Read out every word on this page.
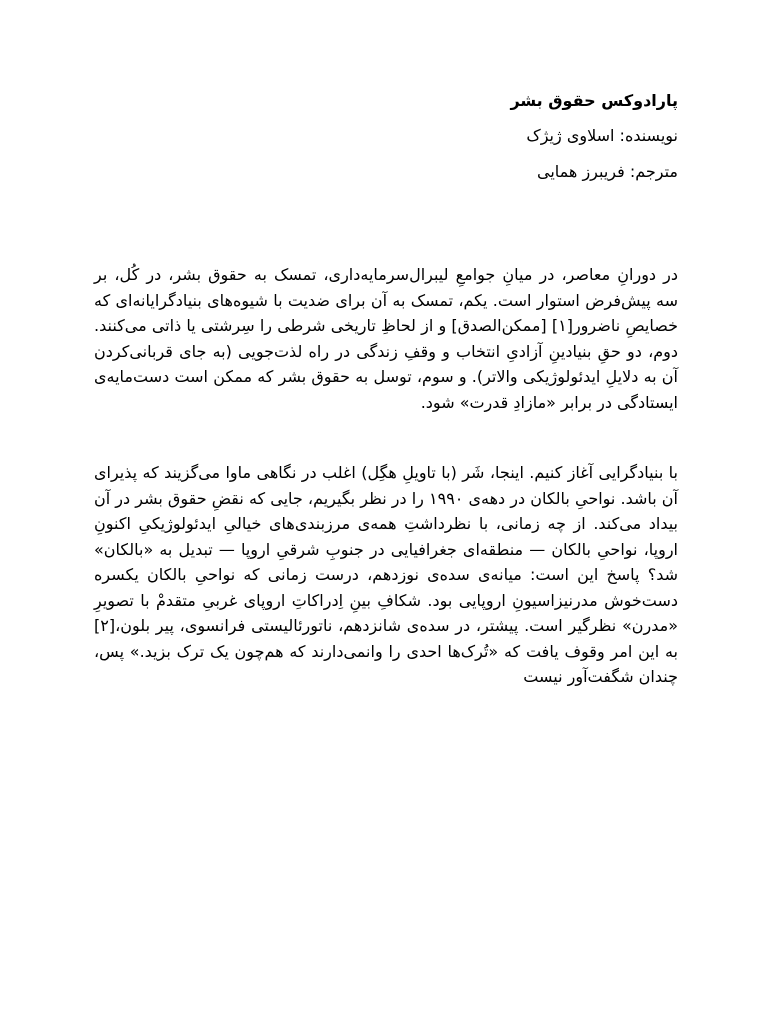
پارادوکس حقوق بشر
نویسنده: اسلاوی ژیژک
مترجم: فریبرز همایی

در دورانِ معاصر، در میانِ جوامعِ لیبرال‌سرمایه‌داری، تمسک به حقوق بشر، در کُل، بر سه پیش‌فرض استوار است. یکم، تمسک به آن برای ضدیت با شیوه‌های بنیادگرایانه‌ای که خصایصِ ناضرور[۱] [ممکن‌الصدق] و از لحاظِ تاریخی شرطی را سِرشتی یا ذاتی می‌کنند. دوم، دو حقِ بنیادینِ آزادیِ انتخاب و وقفِ زندگی در راه لذت‌جویی (به جای قربانی‌کردن آن به دلایلِ ایدئولوژیکی والاتر). و سوم، توسل به حقوق بشر که ممکن است دست‌مایه‌ی ایستادگی در برابر «مازادِ قدرت» شود.

با بنیادگرایی آغاز کنیم. اینجا، شَر (با تاویلِ هگِل) اغلب در نگاهی ماوا می‌گزیند که پذیرای آن باشد. نواحیِ بالکان در دهه‌ی ۱۹۹۰ را در نظر بگیریم، جایی که نقضِ حقوق بشر در آن بیداد می‌کند. از چه زمانی، با نظرداشتِ همه‌ی مرزبندی‌های خیالیِ ایدئولوژیکیِ اکنونِ اروپا، نواحیِ بالکان — منطقه‌ای جغرافیایی در جنوبِ شرقیِ اروپا — تبدیل به «بالکان» شد؟ پاسخ این است: میانه‌ی سده‌ی نوزدهم، درست زمانی که نواحیِ بالکان یکسره دست‌خوش مدرنیزاسیونِ اروپایی بود. شکافِ بینِ اِدراکاتِ اروپای غربیِ متقدمْ با تصویرِ «مدرن» نظرگیر است. پیشتر، در سده‌ی شانزدهم، ناتورئالیستی فرانسوی، پیر بلون،[۲] به این امر وقوف یافت که «تُرک‌ها احدی را وانمی‌دارند که هم‌چون یک ترک بزید.» پس، چندان شگفت‌آور نیست
